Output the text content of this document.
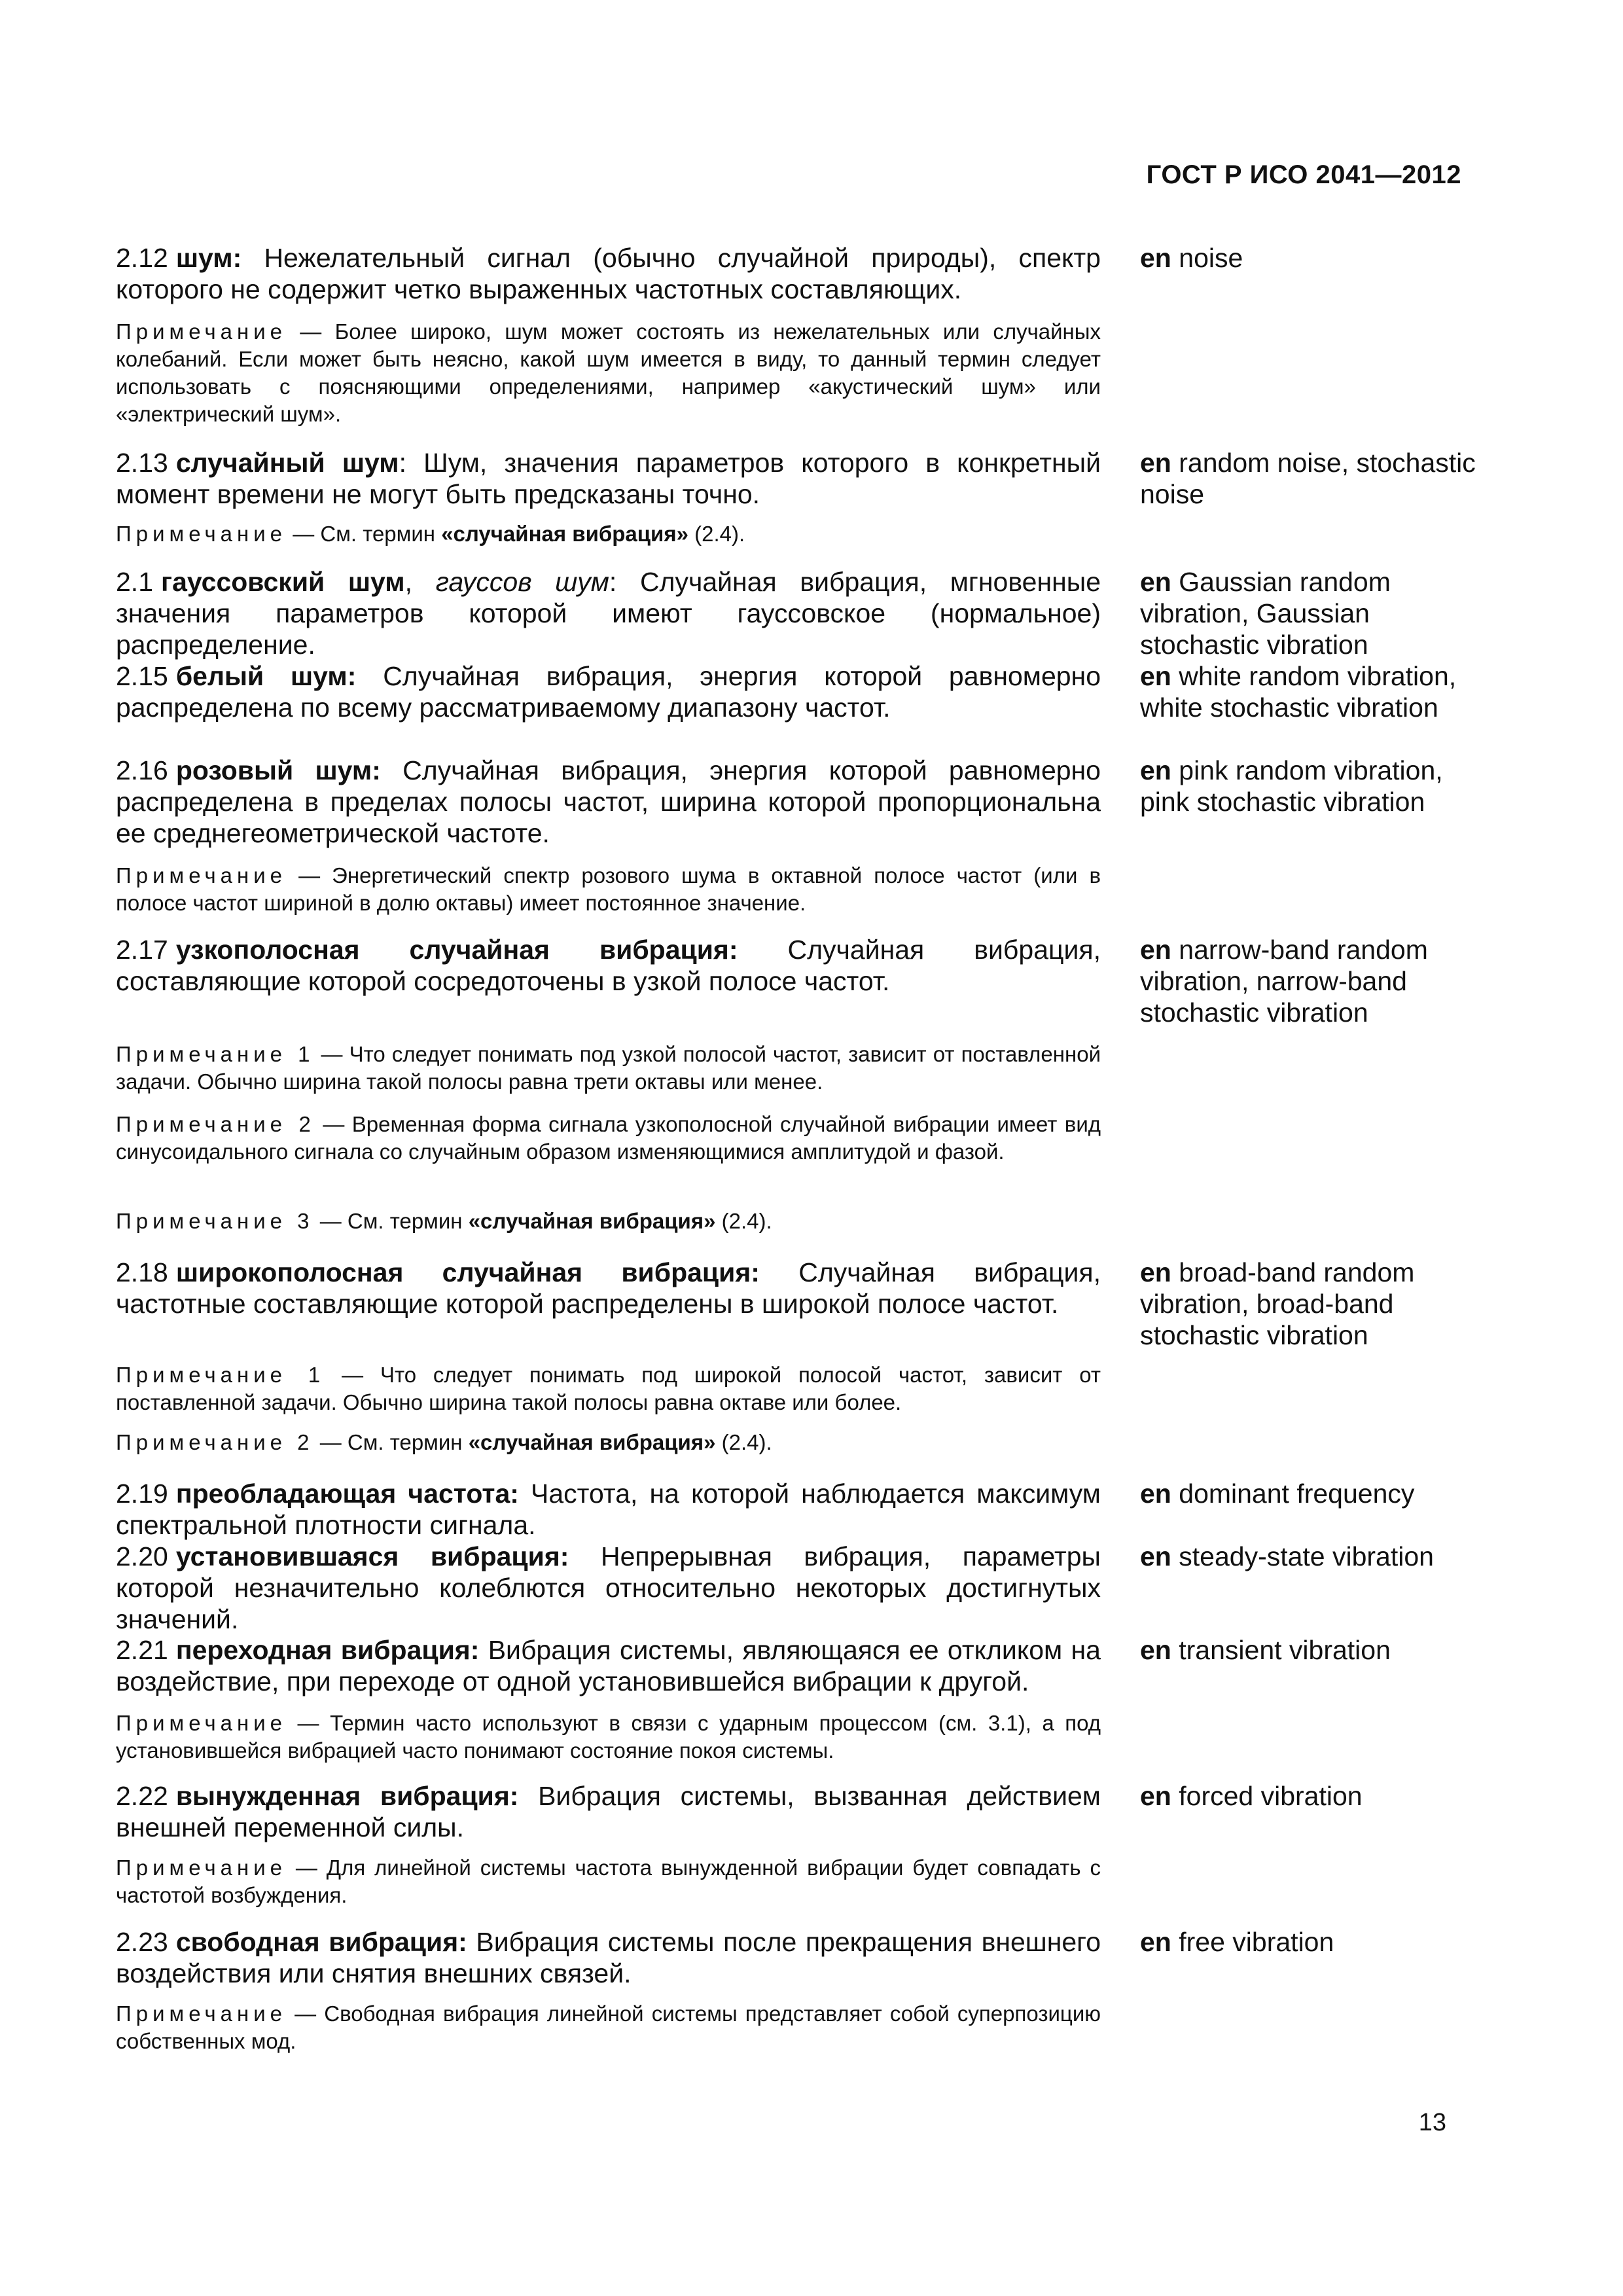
ГОСТ Р ИСО 2041—2012
2.12 шум: Нежелательный сигнал (обычно случайной природы), спектр которого не содержит четко выраженных частотных составляющих.
en noise
Примечание — Более широко, шум может состоять из нежелательных или случайных колебаний. Если может быть неясно, какой шум имеется в виду, то данный термин следует использовать с поясняющими определениями, например «акустический шум» или «электрический шум».
2.13 случайный шум: Шум, значения параметров которого в конкретный момент времени не могут быть предсказаны точно.
en random noise, stochastic noise
Примечание — См. термин «случайная вибрация» (2.4).
2.1 гауссовский шум, гауссов шум: Случайная вибрация, мгновенные значения параметров которой имеют гауссовское (нормальное) распределение.
en Gaussian random vibration, Gaussian stochastic vibration
2.15 белый шум: Случайная вибрация, энергия которой равномерно распределена по всему рассматриваемому диапазону частот.
en white random vibration, white stochastic vibration
2.16 розовый шум: Случайная вибрация, энергия которой равномерно распределена в пределах полосы частот, ширина которой пропорциональна ее среднегеометрической частоте.
en pink random vibration, pink stochastic vibration
Примечание — Энергетический спектр розового шума в октавной полосе частот (или в полосе частот шириной в долю октавы) имеет постоянное значение.
2.17 узкополосная случайная вибрация: Случайная вибрация, составляющие которой сосредоточены в узкой полосе частот.
en narrow-band random vibration, narrow-band stochastic vibration
Примечание 1 — Что следует понимать под узкой полосой частот, зависит от поставленной задачи. Обычно ширина такой полосы равна трети октавы или менее.
Примечание 2 — Временная форма сигнала узкополосной случайной вибрации имеет вид синусоидального сигнала со случайным образом изменяющимися амплитудой и фазой.
Примечание 3 — См. термин «случайная вибрация» (2.4).
2.18 широкополосная случайная вибрация: Случайная вибрация, частотные составляющие которой распределены в широкой полосе частот.
en broad-band random vibration, broad-band stochastic vibration
Примечание 1 — Что следует понимать под широкой полосой частот, зависит от поставленной задачи. Обычно ширина такой полосы равна октаве или более.
Примечание 2 — См. термин «случайная вибрация» (2.4).
2.19 преобладающая частота: Частота, на которой наблюдается максимум спектральной плотности сигнала.
en dominant frequency
2.20 установившаяся вибрация: Непрерывная вибрация, параметры которой незначительно колеблются относительно некоторых достигнутых значений.
en steady-state vibration
2.21 переходная вибрация: Вибрация системы, являющаяся ее откликом на воздействие, при переходе от одной установившейся вибрации к другой.
en transient vibration
Примечание — Термин часто используют в связи с ударным процессом (см. 3.1), а под установившейся вибрацией часто понимают состояние покоя системы.
2.22 вынужденная вибрация: Вибрация системы, вызванная действием внешней переменной силы.
en forced vibration
Примечание — Для линейной системы частота вынужденной вибрации будет совпадать с частотой возбуждения.
2.23 свободная вибрация: Вибрация системы после прекращения внешнего воздействия или снятия внешних связей.
en free vibration
Примечание — Свободная вибрация линейной системы представляет собой суперпозицию собственных мод.
13
